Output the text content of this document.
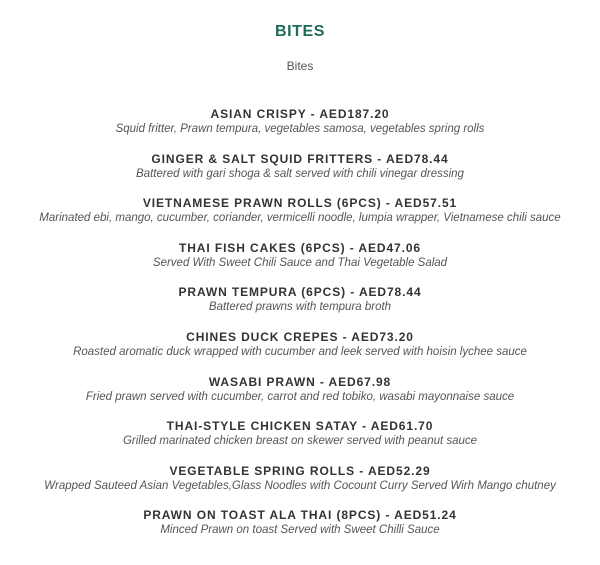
BITES
Bites
ASIAN CRISPY - AED187.20
Squid fritter, Prawn tempura, vegetables samosa, vegetables spring rolls
GINGER & SALT SQUID FRITTERS - AED78.44
Battered with gari shoga & salt served with chili vinegar dressing
VIETNAMESE PRAWN ROLLS (6PCS) - AED57.51
Marinated ebi, mango, cucumber, coriander, vermicelli noodle, lumpia wrapper, Vietnamese chili sauce
THAI FISH CAKES (6PCS) - AED47.06
Served With Sweet Chili Sauce and Thai Vegetable Salad
PRAWN TEMPURA (6PCS) - AED78.44
Battered prawns with tempura broth
CHINES DUCK CREPES - AED73.20
Roasted aromatic duck wrapped with cucumber and leek served with hoisin lychee sauce
WASABI PRAWN - AED67.98
Fried prawn served with cucumber, carrot and red tobiko, wasabi mayonnaise sauce
THAI-STYLE CHICKEN SATAY - AED61.70
Grilled marinated chicken breast on skewer served with peanut sauce
VEGETABLE SPRING ROLLS - AED52.29
Wrapped Sauteed Asian Vegetables,Glass Noodles with Cocount Curry Served Wirh Mango chutney
PRAWN ON TOAST ALA THAI (8PCS) - AED51.24
Minced Prawn on toast Served with Sweet Chilli Sauce
